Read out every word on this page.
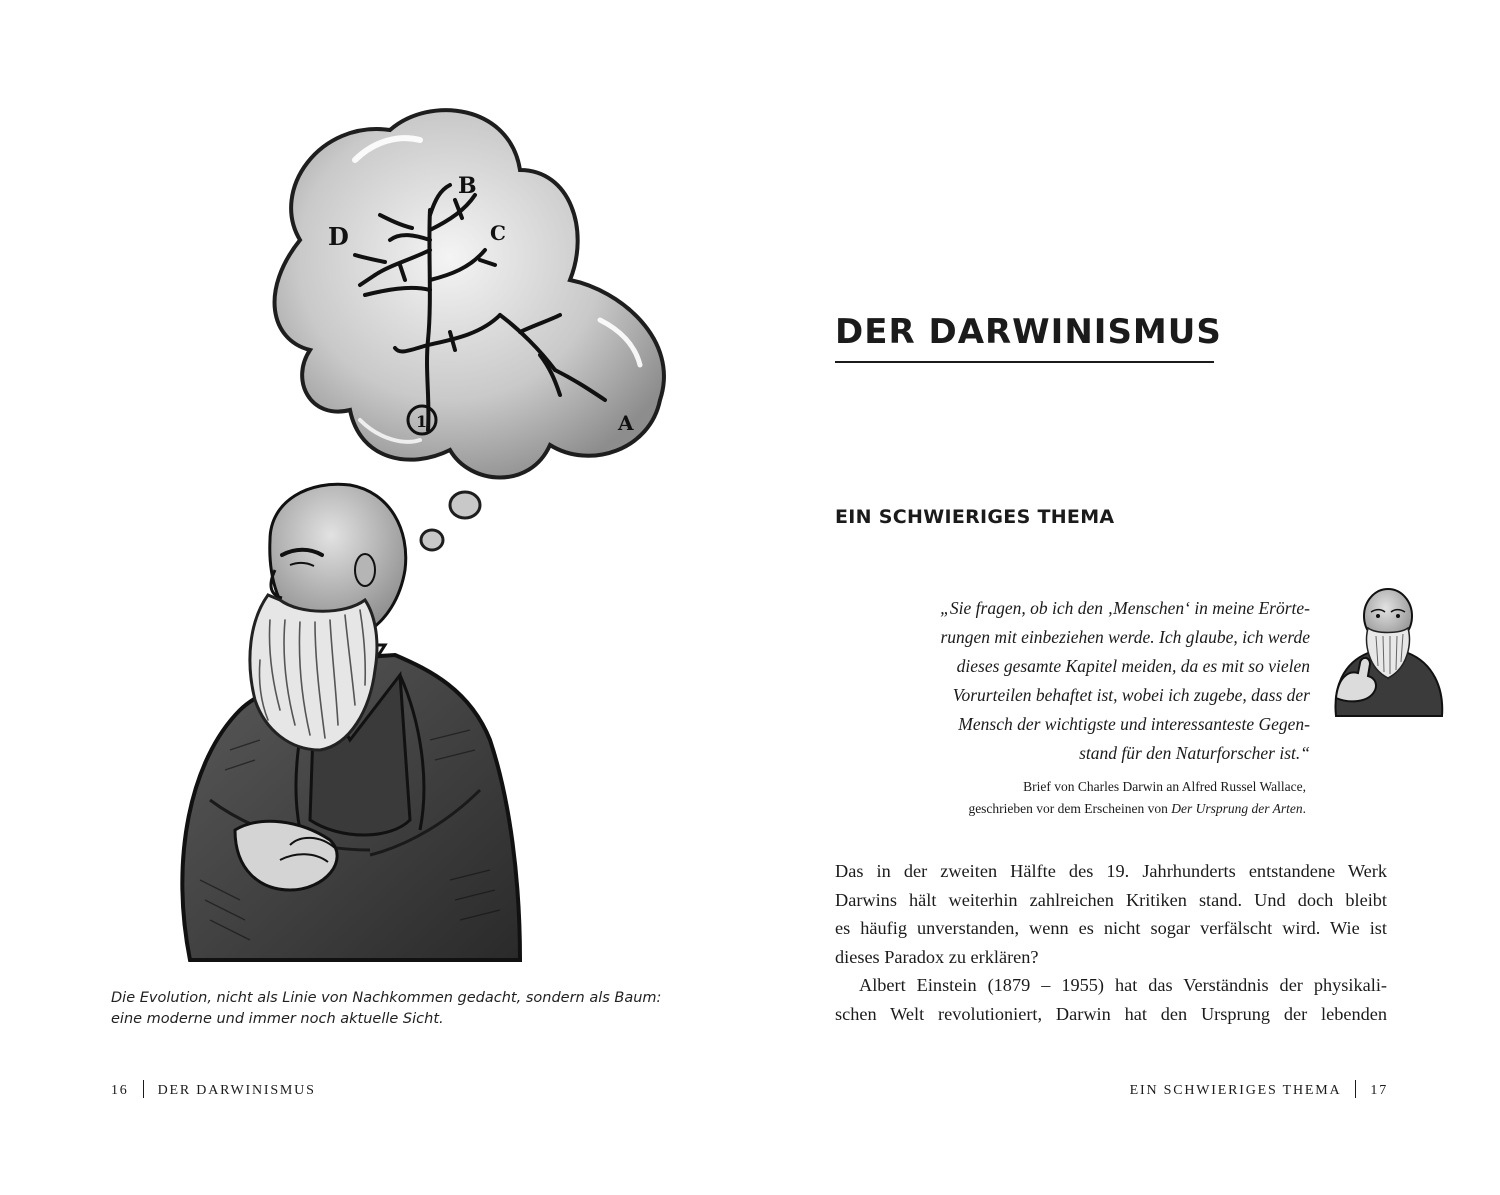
1
B
C
D
A
Die Evolution, nicht als Linie von Nachkommen gedacht, sondern als Baum:
eine moderne und immer noch aktuelle Sicht.
16 DER DARWINISMUS
DER DARWINISMUS
EIN SCHWIERIGES THEMA
„Sie fragen, ob ich den ‚Menschen‘ in meine Erörte-
rungen mit einbeziehen werde. Ich glaube, ich werde
dieses gesamte Kapitel meiden, da es mit so vielen
Vorurteilen behaftet ist, wobei ich zugebe, dass der
Mensch der wichtigste und interessanteste Gegen-
stand für den Naturforscher ist.“
Brief von Charles Darwin an Alfred Russel Wallace,
geschrieben vor dem Erscheinen von Der Ursprung der Arten.
Das in der zweiten Hälfte des 19. Jahrhunderts entstandene Werk
Darwins hält weiterhin zahlreichen Kritiken stand. Und doch bleibt
es häufig unverstanden, wenn es nicht sogar verfälscht wird. Wie ist
dieses Paradox zu erklären?
Albert Einstein (1879 – 1955) hat das Verständnis der physikali-
schen Welt revolutioniert, Darwin hat den Ursprung der lebenden
EIN SCHWIERIGES THEMA 17
